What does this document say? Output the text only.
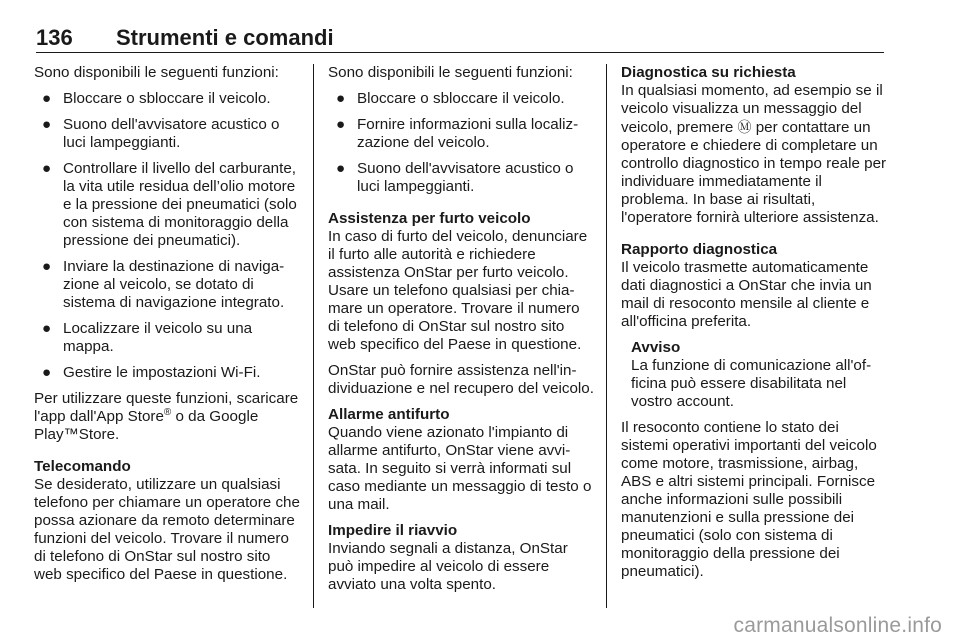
136 Strumenti e comandi

Sono disponibili le seguenti funzioni:

● Bloccare o sbloccare il veicolo.
● Suono dell'avvisatore acustico o luci lampeggianti.
● Controllare il livello del carburante, la vita utile residua dell’olio motore e la pressione dei pneumatici (solo con sistema di monitoraggio della pressione dei pneumatici).
● Inviare la destinazione di navigazione al veicolo, se dotato di sistema di navigazione integrato.
● Localizzare il veicolo su una mappa.
● Gestire le impostazioni Wi-Fi.

Per utilizzare queste funzioni, scaricare l'app dall'App Store® o da Google Play™Store.

Telecomando

Se desiderato, utilizzare un qualsiasi telefono per chiamare un operatore che possa azionare da remoto determinare funzioni del veicolo. Trovare il numero di telefono di OnStar sul nostro sito web specifico del Paese in questione.

Sono disponibili le seguenti funzioni:

● Bloccare o sbloccare il veicolo.
● Fornire informazioni sulla localizzazione del veicolo.
● Suono dell'avvisatore acustico o luci lampeggianti.

Assistenza per furto veicolo

In caso di furto del veicolo, denunciare il furto alle autorità e richiedere assistenza OnStar per furto veicolo. Usare un telefono qualsiasi per chiamare un operatore. Trovare il numero di telefono di OnStar sul nostro sito web specifico del Paese in questione.

OnStar può fornire assistenza nell'individuazione e nel recupero del veicolo.

Allarme antifurto

Quando viene azionato l'impianto di allarme antifurto, OnStar viene avvisata. In seguito si verrà informati sul caso mediante un messaggio di testo o una mail.

Impedire il riavvio

Inviando segnali a distanza, OnStar può impedire al veicolo di essere avviato una volta spento.

Diagnostica su richiesta

In qualsiasi momento, ad esempio se il veicolo visualizza un messaggio del veicolo, premere Ⓜ per contattare un operatore e chiedere di completare un controllo diagnostico in tempo reale per individuare immediatamente il problema. In base ai risultati, l'operatore fornirà ulteriore assistenza.

Rapporto diagnostica

Il veicolo trasmette automaticamente dati diagnostici a OnStar che invia un mail di resoconto mensile al cliente e all'officina preferita.

Avviso
La funzione di comunicazione all'officina può essere disabilitata nel vostro account.

Il resoconto contiene lo stato dei sistemi operativi importanti del veicolo come motore, trasmissione, airbag, ABS e altri sistemi principali. Fornisce anche informazioni sulle possibili manutenzioni e sulla pressione dei pneumatici (solo con sistema di monitoraggio della pressione dei pneumatici).

carmanualsonline.info
